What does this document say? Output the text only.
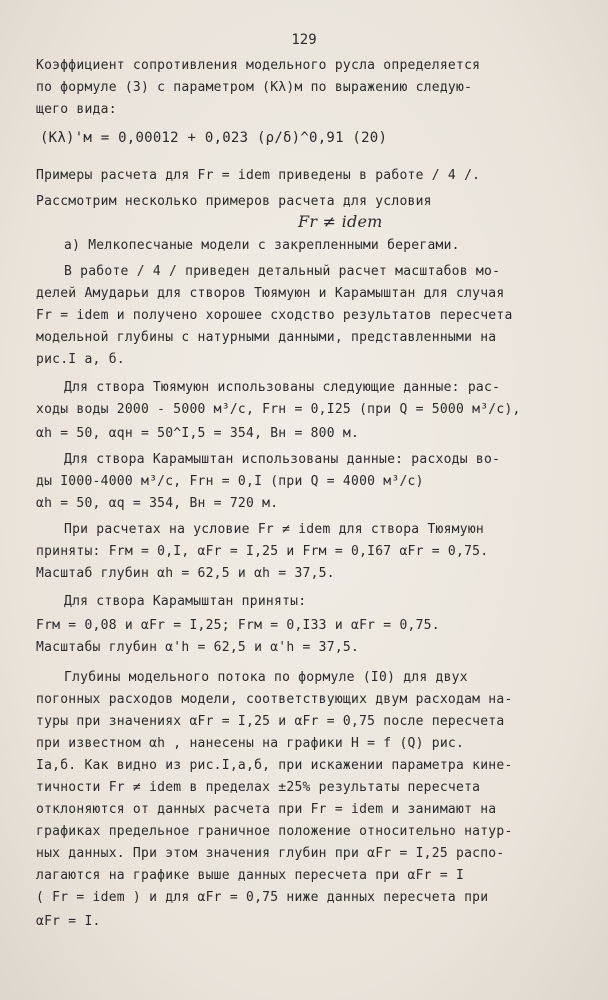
129
Коэффициент сопротивления модельного русла определяется
по формуле (3) с параметром (Kλ)м по выражению следую-
щего вида:
(Kλ)'м = 0,00012 + 0,023 (ρ/δ)^0,91 (20)
Примеры расчета для Fr = idem приведены в работе / 4 /.
Рассмотрим несколько примеров расчета для условия
Fr ≠ idem
а) Мелкопесчаные модели с закрепленными берегами.
В работе / 4 / приведен детальный расчет масштабов мо-
делей Амударьи для створов Тюямуюн и Карамыштан для случая
Fr = idem и получено хорошее сходство результатов пересчета
модельной глубины с натурными данными, представленными на
рис.I а, б.
Для створа Тюямуюн использованы следующие данные: рас-
ходы воды 2000 - 5000 м³/с, Frн = 0,I25 (при Q = 5000 м³/с),
αh = 50, αqн = 50^I,5 = 354, Bн = 800 м.
Для створа Карамыштан использованы данные: расходы во-
ды I000-4000 м³/с, Frн = 0,I (при Q = 4000 м³/с)
αh = 50, αq = 354, Bн = 720 м.
При расчетах на условие Fr ≠ idem для створа Тюямуюн
приняты: Frм = 0,I, αFr = I,25 и Frм = 0,I67 αFr = 0,75.
Масштаб глубин αh = 62,5 и αh = 37,5.
Для створа Карамыштан приняты:
Frм = 0,08 и αFr = I,25; Frм = 0,I33 и αFr = 0,75.
Масштабы глубин α'h = 62,5 и α'h = 37,5.
Глубины модельного потока по формуле (I0) для двух
погонных расходов модели, соответствующих двум расходам на-
туры при значениях αFr = I,25 и αFr = 0,75 после пересчета
при известном αh , нанесены на графики H = f (Q) рис.
Iа,б. Как видно из рис.I,а,б, при искажении параметра кине-
тичности Fr ≠ idem в пределах ±25% результаты пересчета
отклоняются от данных расчета при Fr = idem и занимают на
графиках предельное граничное положение относительно натур-
ных данных. При этом значения глубин при αFr = I,25 распо-
лагаются на графике выше данных пересчета при αFr = I
( Fr = idem ) и для αFr = 0,75 ниже данных пересчета при
αFr = I.
